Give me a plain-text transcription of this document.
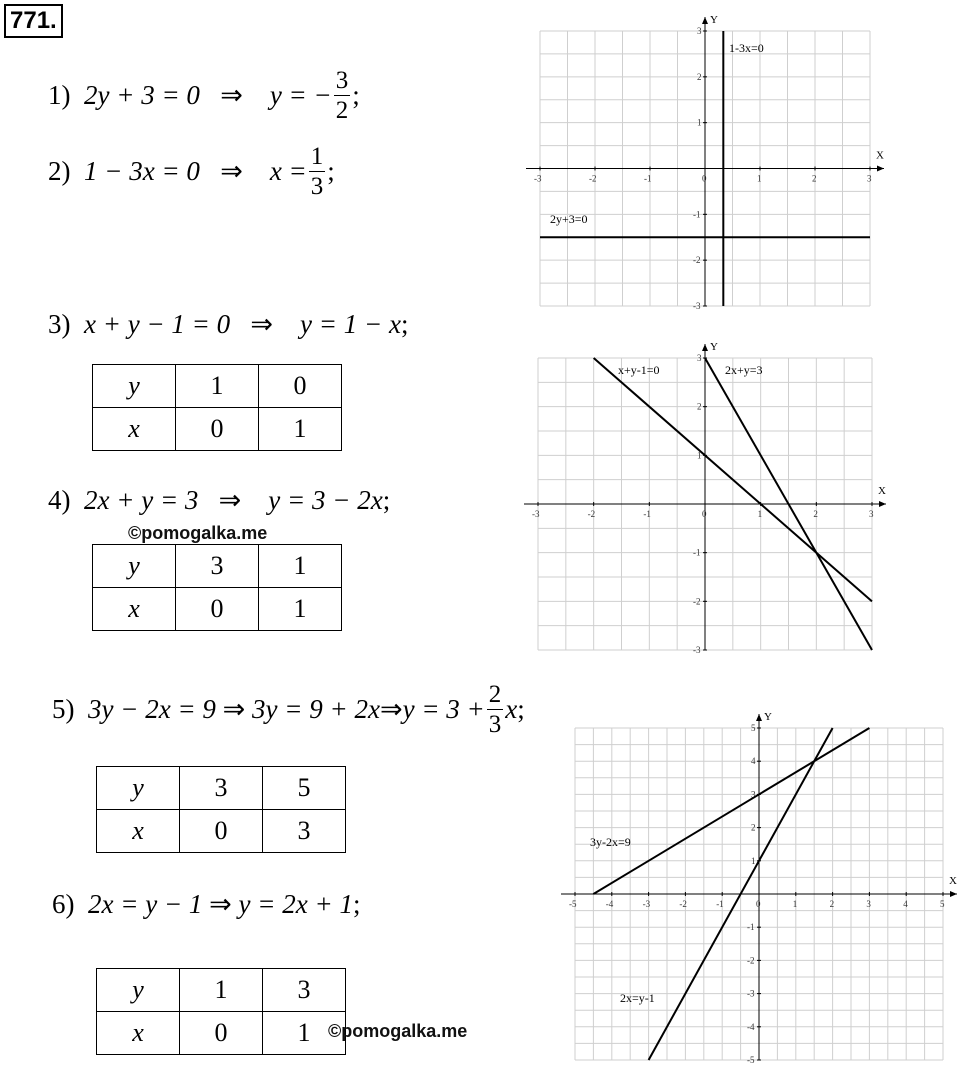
771.
1)
2y + 3 = 0
⇒
y = − $\frac{3}{2}$ ;
2)
1 − 3x = 0
⇒
$x = \frac{1}{3}$ ;
3)
x + y − 1 = 0
⇒
y = 1 − x ;
y	1	0
x	0	1
4)
2x + y = 3
⇒
y = 3 − 2x ;
©pomogalka.me
y	3	1
x	0	1
5)
3y − 2x = 9
⇒
3y = 9 + 2x ⇒ $y = 3 + \frac{2}{3}$ x ;
y	3	5
x	0	3
6)
2x = y − 1
⇒
y = 2x + 1 ;
y	1	3
x	0	1 ©pomogalka.me
X
Y
-3	-2	-1	0	1	2	3
-3
-2
-1
1
2
3
1-3x=0
2y+3=0
X
Y
-3	-2	-1	0	1	2	3
-3
-2
-1
1
2
3
x+y-1=0	2x+y=3
X
Y
-5	-4	-3	-2	-1	0	1	2	3	4	5
-5
-4
-3
-2
-1
1
2
3
4
5
3y-2x=9
2x=y-1
